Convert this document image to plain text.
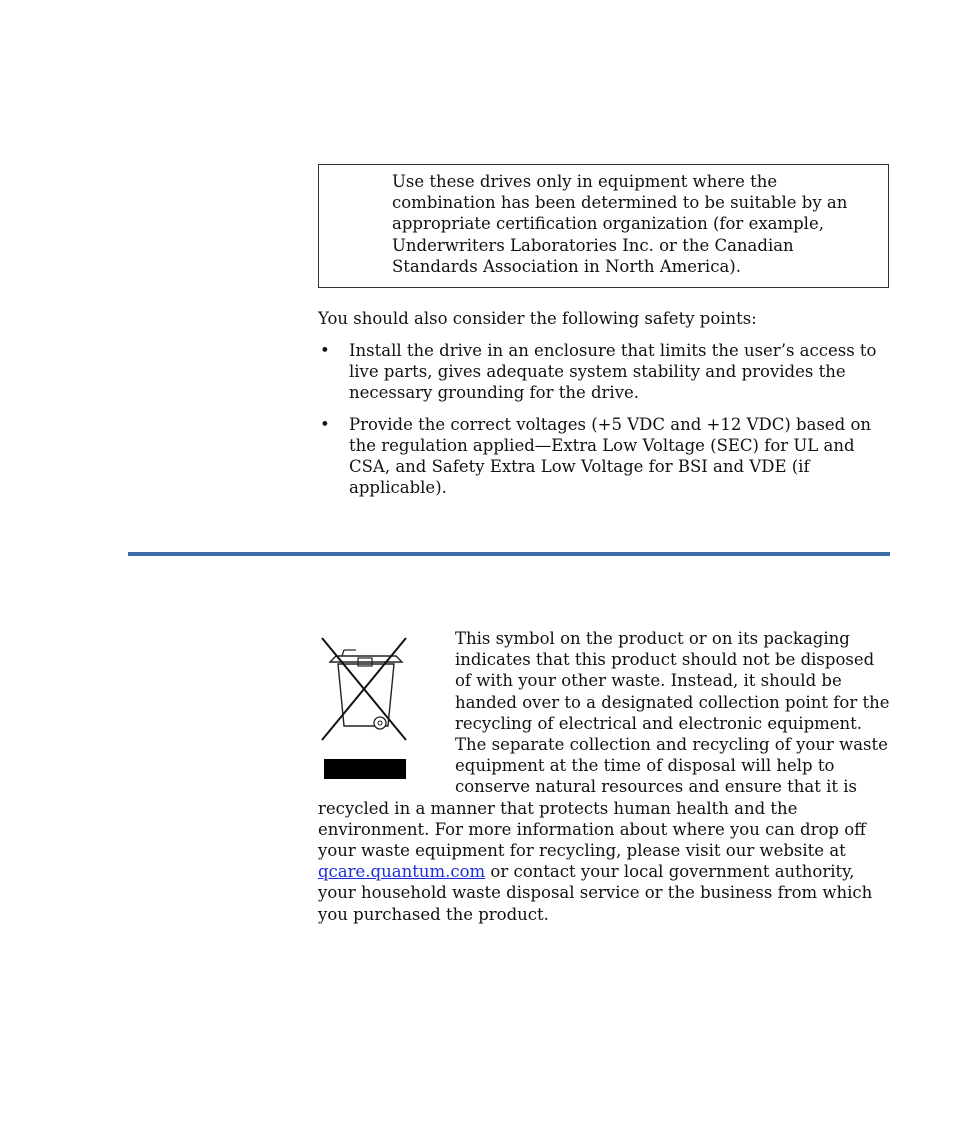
Use these drives only in equipment where the combination has been determined to be suitable by an appropriate certification organization (for example, Underwriters Laboratories Inc. or the Canadian Standards Association in North America).

You should also consider the following safety points:

• Install the drive in an enclosure that limits the user’s access to live parts, gives adequate system stability and provides the necessary grounding for the drive.
• Provide the correct voltages (+5 VDC and +12 VDC) based on the regulation applied—Extra Low Voltage (SEC) for UL and CSA, and Safety Extra Low Voltage for BSI and VDE (if applicable).

This symbol on the product or on its packaging indicates that this product should not be disposed of with your other waste. Instead, it should be handed over to a designated collection point for the recycling of electrical and electronic equipment. The separate collection and recycling of your waste equipment at the time of disposal will help to conserve natural resources and ensure that it is recycled in a manner that protects human health and the environment. For more information about where you can drop off your waste equipment for recycling, please visit our website at qcare.quantum.com or contact your local government authority, your household waste disposal service or the business from which you purchased the product.
